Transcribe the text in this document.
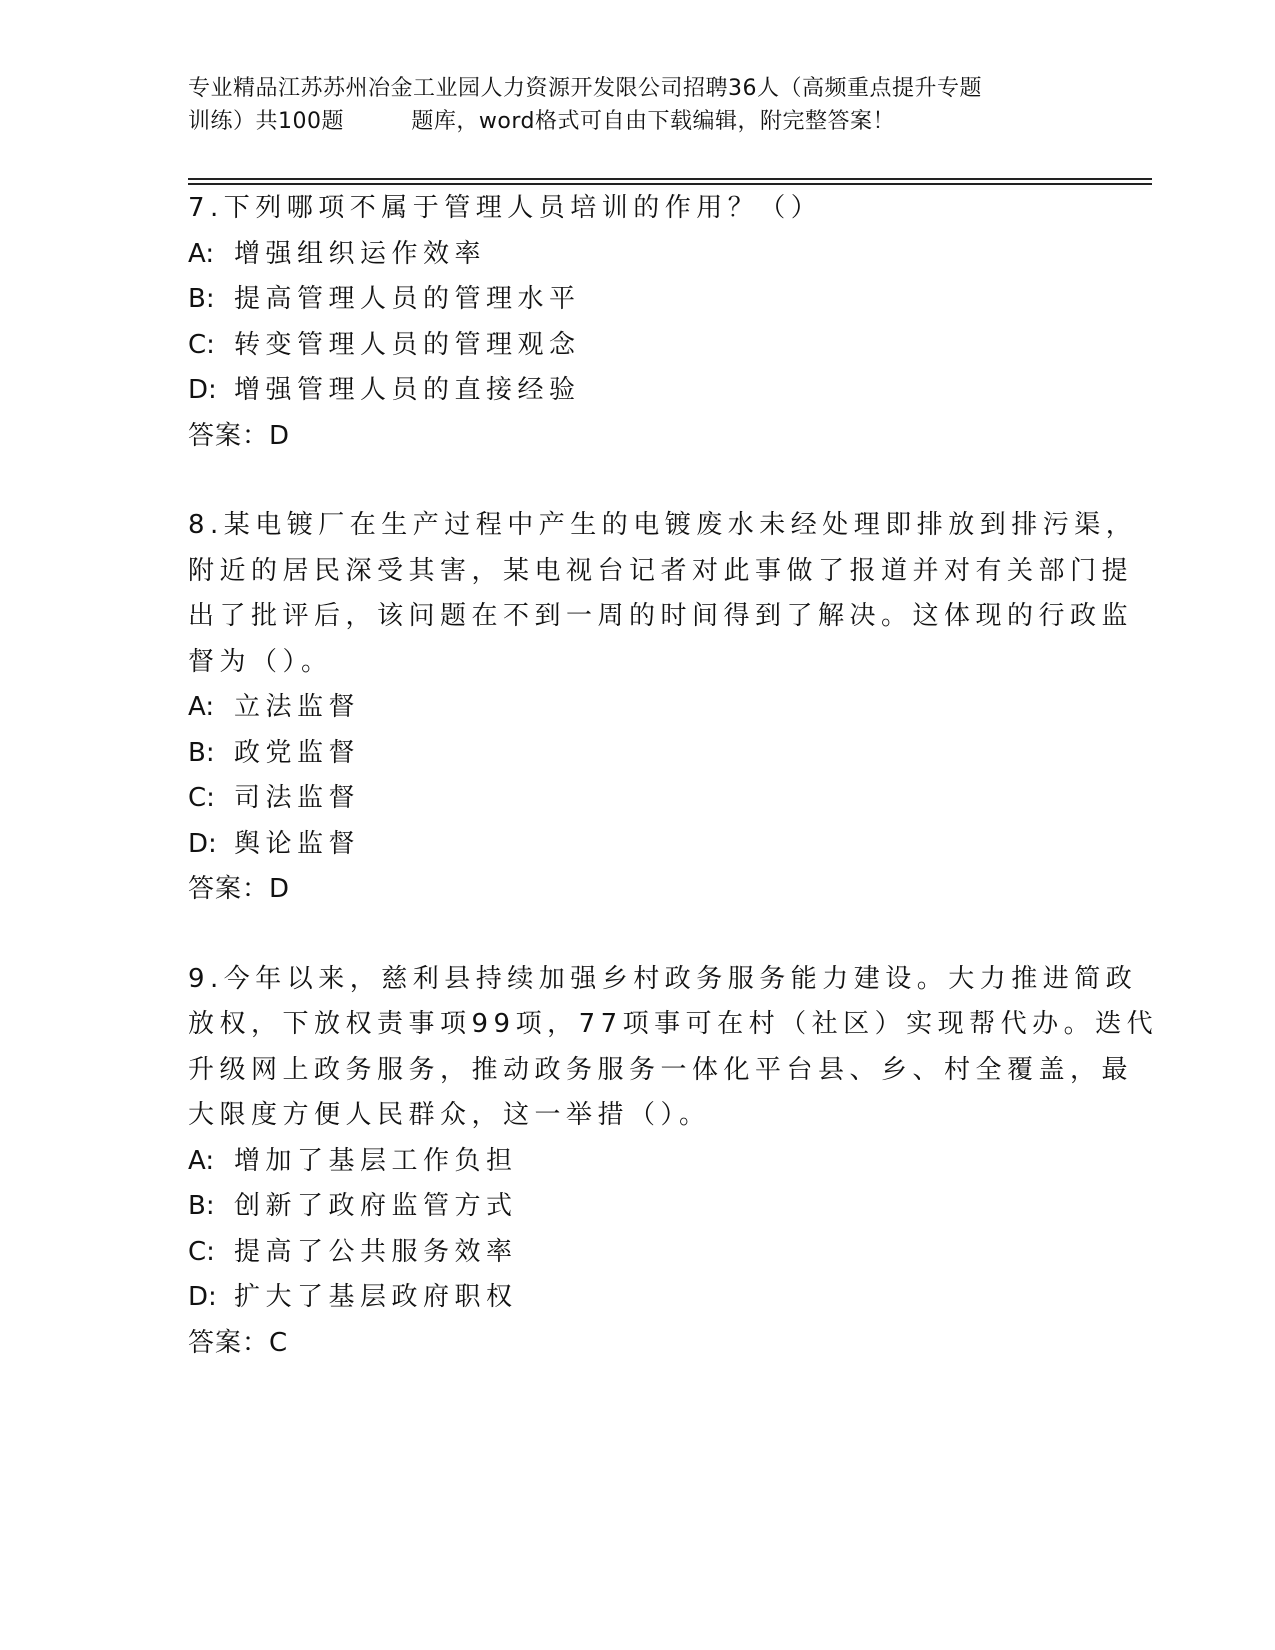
专业精品江苏苏州冶金工业园人力资源开发限公司招聘36人（高频重点提升专题
训练）共100题         题库，word格式可自由下载编辑，附完整答案！
7.下列哪项不属于管理人员培训的作用？（）
A: 增强组织运作效率
B: 提高管理人员的管理水平
C: 转变管理人员的管理观念
D: 增强管理人员的直接经验
答案：D
8.某电镀厂在生产过程中产生的电镀废水未经处理即排放到排污渠，
附近的居民深受其害，某电视台记者对此事做了报道并对有关部门提
出了批评后，该问题在不到一周的时间得到了解决。这体现的行政监
督为（）。
A: 立法监督
B: 政党监督
C: 司法监督
D: 舆论监督
答案：D
9.今年以来，慈利县持续加强乡村政务服务能力建设。大力推进简政
放权，下放权责事项99项，77项事可在村（社区）实现帮代办。迭代
升级网上政务服务，推动政务服务一体化平台县、乡、村全覆盖，最
大限度方便人民群众，这一举措（）。
A: 增加了基层工作负担
B: 创新了政府监管方式
C: 提高了公共服务效率
D: 扩大了基层政府职权
答案：C
